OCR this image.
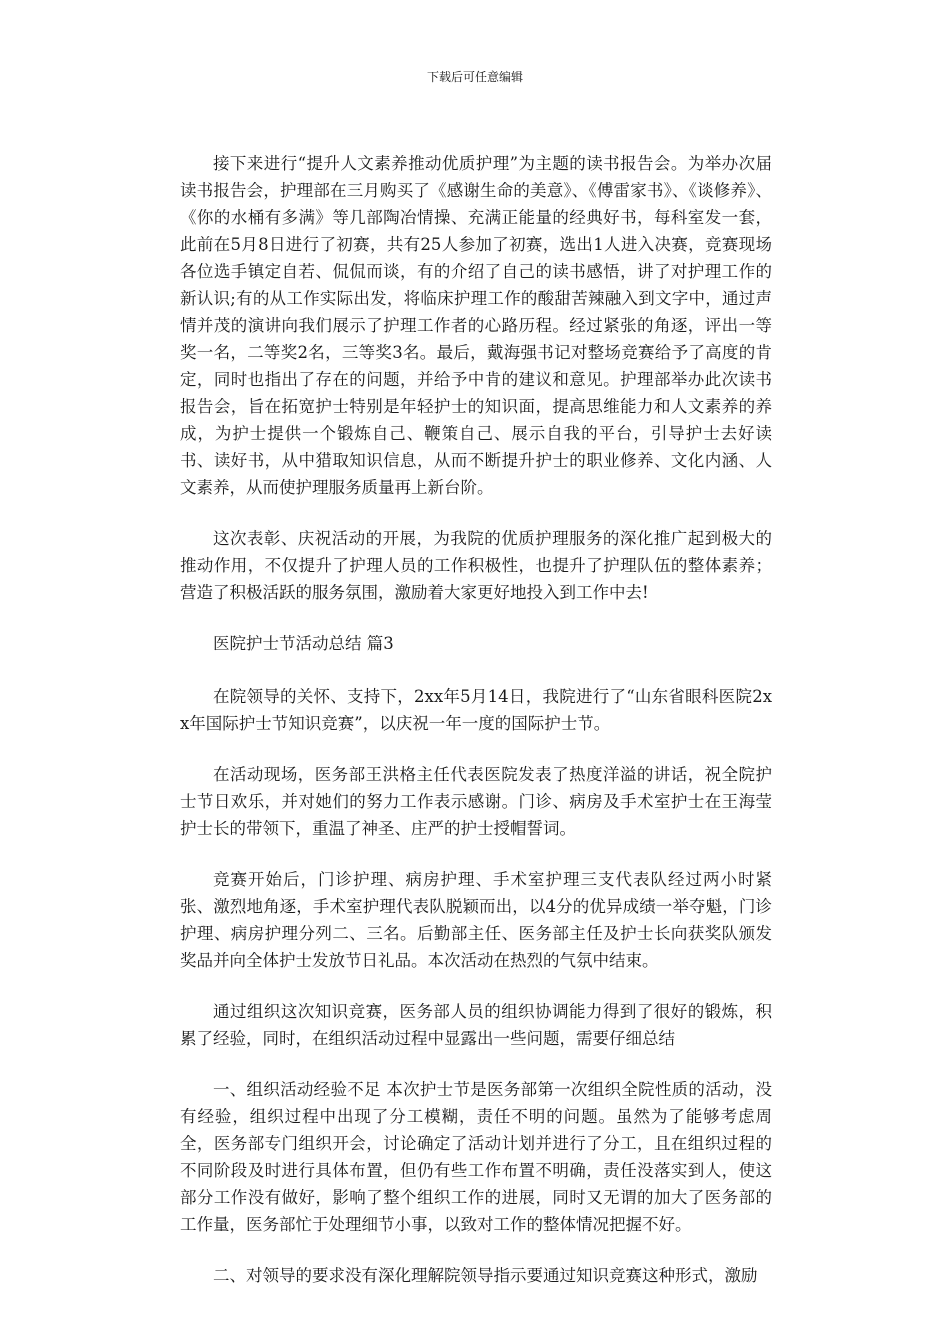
下载后可任意编辑

接下来进行“提升人文素养推动优质护理”为主题的读书报告会。为举办次届读书报告会，护理部在三月购买了《感谢生命的美意》、《傅雷家书》、《谈修养》、《你的水桶有多满》等几部陶冶情操、充满正能量的经典好书，每科室发一套，此前在5月8日进行了初赛，共有25人参加了初赛，选出1人进入决赛，竞赛现场各位选手镇定自若、侃侃而谈，有的介绍了自己的读书感悟，讲了对护理工作的新认识;有的从工作实际出发，将临床护理工作的酸甜苦辣融入到文字中，通过声情并茂的演讲向我们展示了护理工作者的心路历程。经过紧张的角逐，评出一等奖一名，二等奖2名，三等奖3名。最后，戴海强书记对整场竞赛给予了高度的肯定，同时也指出了存在的问题，并给予中肯的建议和意见。护理部举办此次读书报告会，旨在拓宽护士特别是年轻护士的知识面，提高思维能力和人文素养的养成，为护士提供一个锻炼自己、鞭策自己、展示自我的平台，引导护士去好读书、读好书，从中猎取知识信息，从而不断提升护士的职业修养、文化内涵、人文素养，从而使护理服务质量再上新台阶。

这次表彰、庆祝活动的开展，为我院的优质护理服务的深化推广起到极大的推动作用，不仅提升了护理人员的工作积极性，也提升了护理队伍的整体素养；营造了积极活跃的服务氛围，激励着大家更好地投入到工作中去!

医院护士节活动总结 篇3

在院领导的关怀、支持下，2xx年5月14日，我院进行了“山东省眼科医院2xx年国际护士节知识竞赛”，以庆祝一年一度的国际护士节。

在活动现场，医务部王洪格主任代表医院发表了热度洋溢的讲话，祝全院护士节日欢乐，并对她们的努力工作表示感谢。门诊、病房及手术室护士在王海莹护士长的带领下，重温了神圣、庄严的护士授帽誓词。

竞赛开始后，门诊护理、病房护理、手术室护理三支代表队经过两小时紧张、激烈地角逐，手术室护理代表队脱颖而出，以4分的优异成绩一举夺魁，门诊护理、病房护理分列二、三名。后勤部主任、医务部主任及护士长向获奖队颁发奖品并向全体护士发放节日礼品。本次活动在热烈的气氛中结束。

通过组织这次知识竞赛，医务部人员的组织协调能力得到了很好的锻炼，积累了经验，同时，在组织活动过程中显露出一些问题，需要仔细总结

一、组织活动经验不足 本次护士节是医务部第一次组织全院性质的活动，没有经验，组织过程中出现了分工模糊，责任不明的问题。虽然为了能够考虑周全，医务部专门组织开会，讨论确定了活动计划并进行了分工，且在组织过程的不同阶段及时进行具体布置，但仍有些工作布置不明确，责任没落实到人，使这部分工作没有做好，影响了整个组织工作的进展，同时又无谓的加大了医务部的工作量，医务部忙于处理细节小事，以致对工作的整体情况把握不好。

二、对领导的要求没有深化理解院领导指示要通过知识竞赛这种形式，激励
